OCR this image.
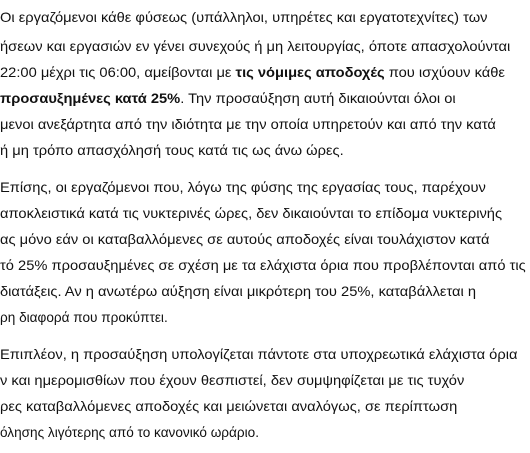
Οι εργαζόμενοι κάθε φύσεως (υπάλληλοι, υπηρέτες και εργατοτεχνίτες) των
ήσεων και εργασιών εν γένει συνεχούς ή μη λειτουργίας, όποτε απασχολούνται
22:00 μέχρι τις 06:00, αμείβονται με τις νόμιμες αποδοχές που ισχύουν κάθε
προσαυξημένες κατά 25%. Την προσαύξηση αυτή δικαιούνται όλοι οι
μενοι ανεξάρτητα από την ιδιότητα με την οποία υπηρετούν και από την κατά
ή μη τρόπο απασχόλησή τους κατά τις ως άνω ώρες.
Επίσης, οι εργαζόμενοι που, λόγω της φύσης της εργασίας τους, παρέχουν
αποκλειστικά κατά τις νυκτερινές ώρες, δεν δικαιούνται το επίδομα νυκτερινής
ας μόνο εάν οι καταβαλλόμενες σε αυτούς αποδοχές είναι τουλάχιστον κατά
τό 25% προσαυξημένες σε σχέση με τα ελάχιστα όρια που προβλέπονται από τις
διατάξεις. Αν η ανωτέρω αύξηση είναι μικρότερη του 25%, καταβάλλεται η
ρη διαφορά που προκύπτει.
Επιπλέον, η προσαύξηση υπολογίζεται πάντοτε στα υποχρεωτικά ελάχιστα όρια
ν και ημερομισθίων που έχουν θεσπιστεί, δεν συμψηφίζεται με τις τυχόν
ρες καταβαλλόμενες αποδοχές και μειώνεται αναλόγως, σε περίπτωση
όλησης λιγότερης από το κανονικό ωράριο.
